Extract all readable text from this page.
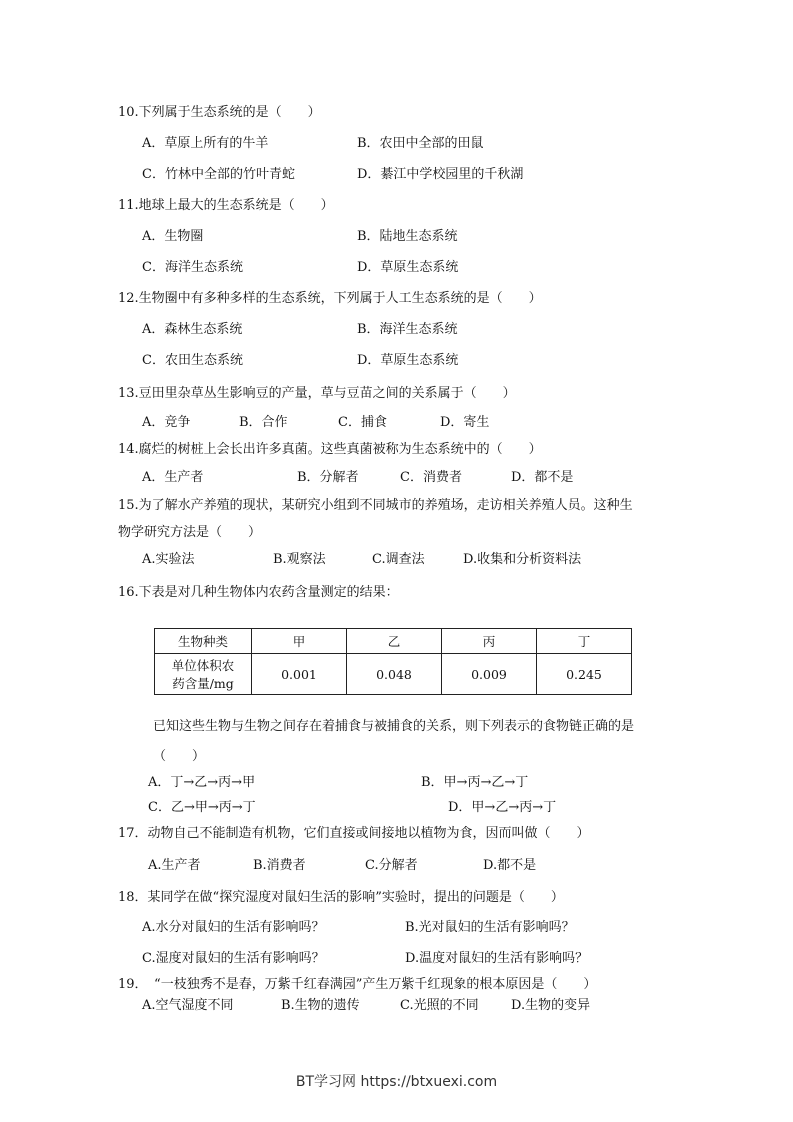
10.下列属于生态系统的是（　　）
A．草原上所有的牛羊	B．农田中全部的田鼠
C．竹林中全部的竹叶青蛇	D．綦江中学校园里的千秋湖
11.地球上最大的生态系统是（　　）
A．生物圈	B．陆地生态系统
C．海洋生态系统	D．草原生态系统
12.生物圈中有多种多样的生态系统，下列属于人工生态系统的是（　　）
A．森林生态系统	B．海洋生态系统
C．农田生态系统	D．草原生态系统
13.豆田里杂草丛生影响豆的产量，草与豆苗之间的关系属于（　　）
A．竞争	B．合作	C．捕食	D．寄生
14.腐烂的树桩上会长出许多真菌。这些真菌被称为生态系统中的（　　）
A．生产者	B．分解者	C．消费者	D．都不是
15.为了解水产养殖的现状，某研究小组到不同城市的养殖场，走访相关养殖人员。这种生
物学研究方法是（　　）
A.实验法	B.观察法	C.调查法	D.收集和分析资料法
16.下表是对几种生物体内农药含量测定的结果：
生物种类	甲	乙	丙	丁

单位体积农
药含量/mg	0.001	0.048	0.009	0.245
已知这些生物与生物之间存在着捕食与被捕食的关系，则下列表示的食物链正确的是
（　　）
A．丁→乙→丙→甲	B．甲→丙→乙→丁
C．乙→甲→丙→丁	D．甲→乙→丙→丁
17．动物自己不能制造有机物，它们直接或间接地以植物为食，因而叫做（　　）
A.生产者	B.消费者	C.分解者	D.都不是
18．某同学在做“探究湿度对鼠妇生活的影响”实验时，提出的问题是（　　）
A.水分对鼠妇的生活有影响吗？	B.光对鼠妇的生活有影响吗？
C.湿度对鼠妇的生活有影响吗？	D.温度对鼠妇的生活有影响吗？
19．　“一枝独秀不是春，万紫千红春满园”产生万紫千红现象的根本原因是（　　）
A.空气湿度不同	B.生物的遗传	C.光照的不同 D.生物的变异
BT学习网 https://btxuexi.com
